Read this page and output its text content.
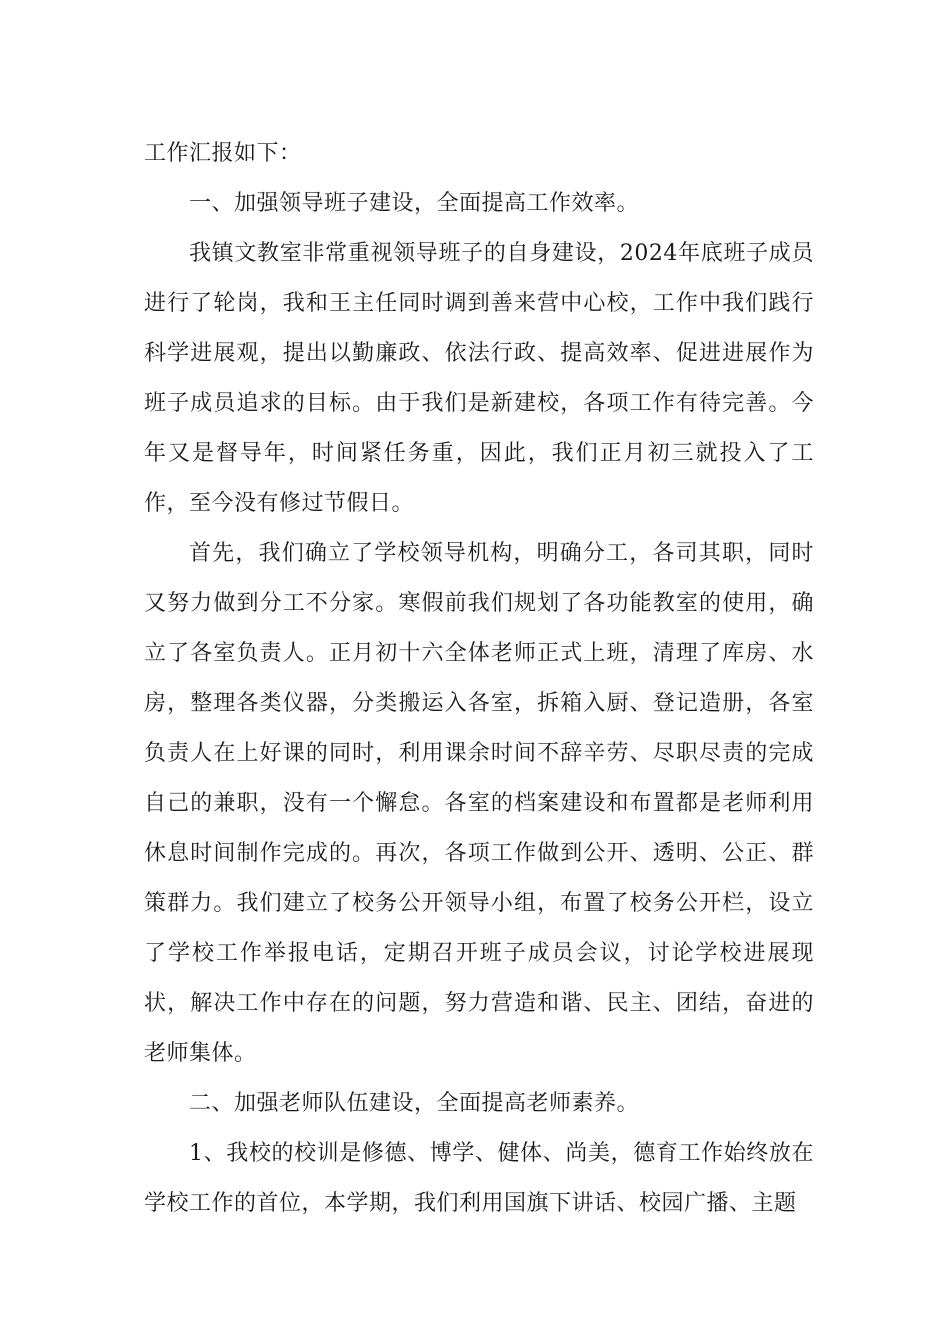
工作汇报如下：

一、加强领导班子建设，全面提高工作效率。

我镇文教室非常重视领导班子的自身建设，2024年底班子成员进行了轮岗，我和王主任同时调到善来营中心校，工作中我们践行科学进展观，提出以勤廉政、依法行政、提高效率、促进进展作为班子成员追求的目标。由于我们是新建校，各项工作有待完善。今年又是督导年，时间紧任务重，因此，我们正月初三就投入了工作，至今没有修过节假日。

首先，我们确立了学校领导机构，明确分工，各司其职，同时又努力做到分工不分家。寒假前我们规划了各功能教室的使用，确立了各室负责人。正月初十六全体老师正式上班，清理了库房、水房，整理各类仪器，分类搬运入各室，拆箱入厨、登记造册，各室负责人在上好课的同时，利用课余时间不辞辛劳、尽职尽责的完成自己的兼职，没有一个懈怠。各室的档案建设和布置都是老师利用休息时间制作完成的。再次，各项工作做到公开、透明、公正、群策群力。我们建立了校务公开领导小组，布置了校务公开栏，设立了学校工作举报电话，定期召开班子成员会议，讨论学校进展现状，解决工作中存在的问题，努力营造和谐、民主、团结，奋进的老师集体。

二、加强老师队伍建设，全面提高老师素养。

1、我校的校训是修德、博学、健体、尚美，德育工作始终放在学校工作的首位，本学期，我们利用国旗下讲话、校园广播、主题
